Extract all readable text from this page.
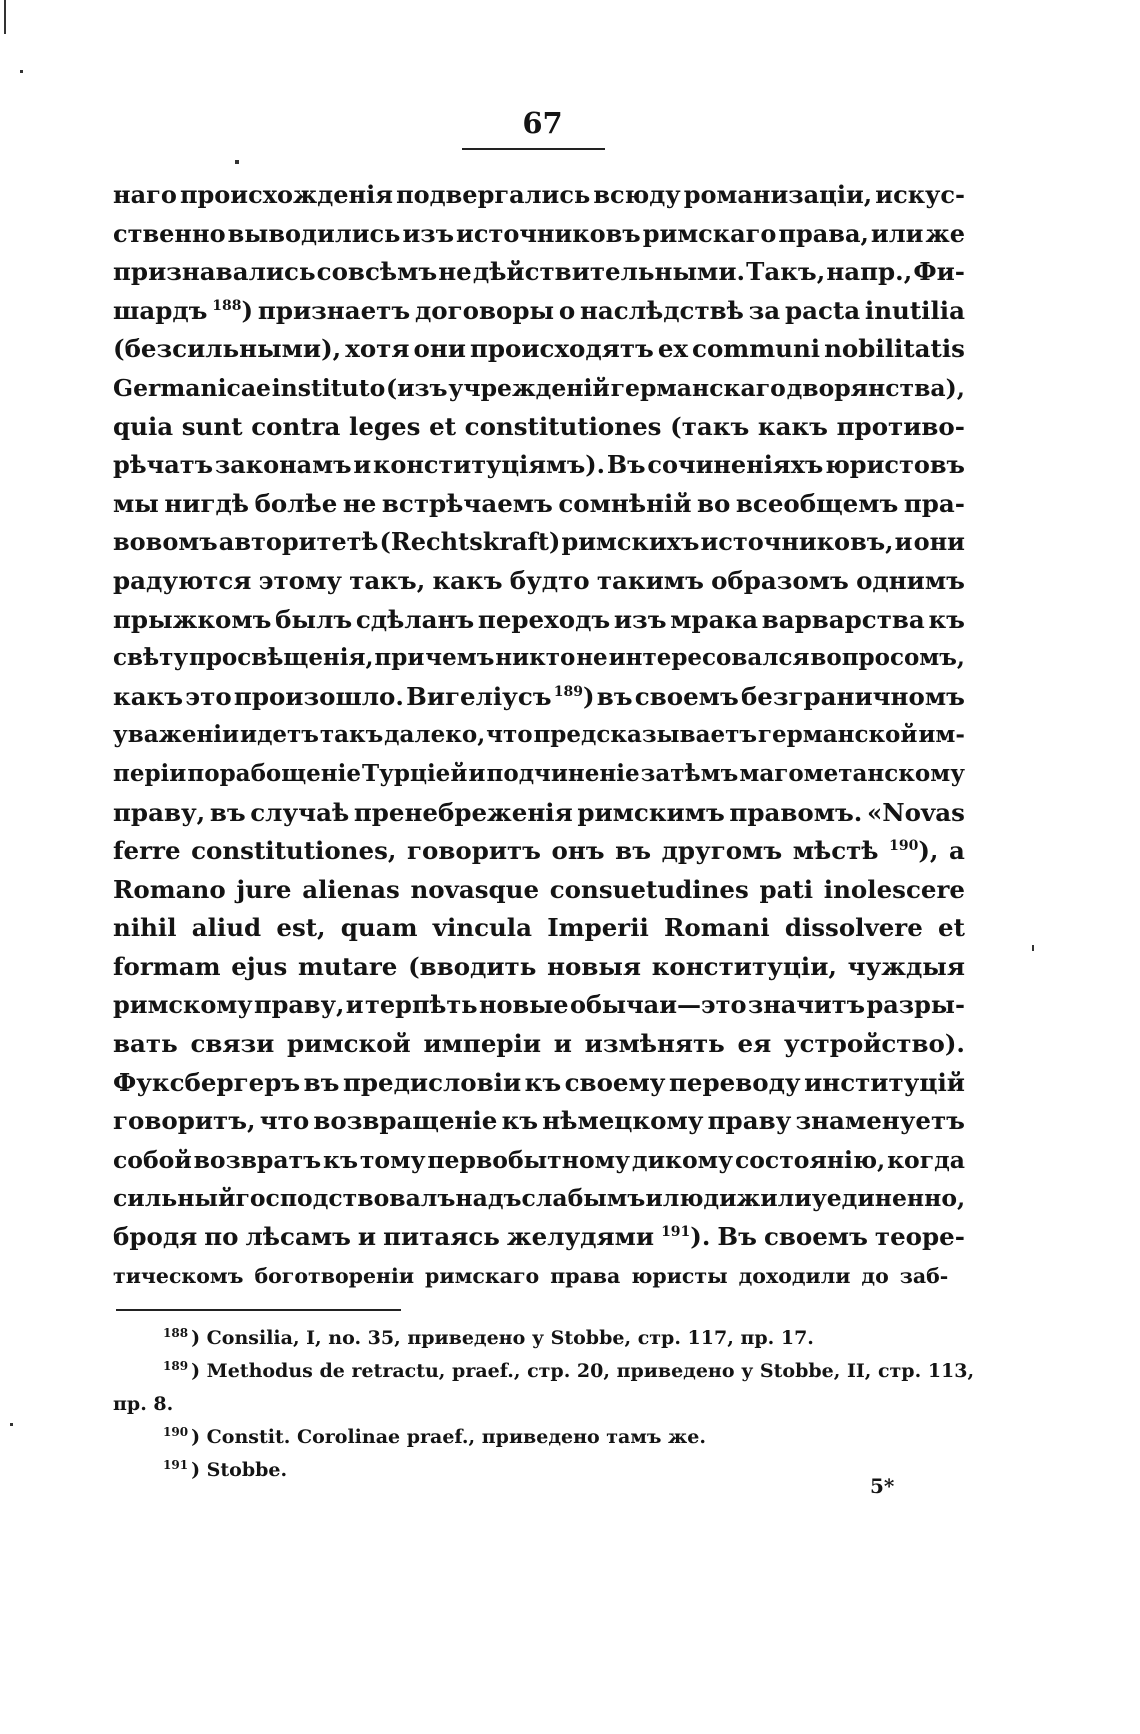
67
наго происхожденія подвергались всюду романизаціи, искус-
ственно выводились изъ источниковъ римскаго права, или же
признавались совсѣмъ не дѣйствительными. Такъ, напр., Фи-
шардъ $^{188}$) признаетъ договоры о наслѣдствѣ за pacta inutilia
(безсильными), хотя они происходятъ ex communi nobilitatis
Germanicae instituto (изъ учрежденій германскаго дворянства),
quia sunt contra leges et constitutiones (такъ какъ противо-
рѣчатъ законамъ и конституціямъ). Въ сочиненіяхъ юристовъ
мы нигдѣ болѣе не встрѣчаемъ сомнѣній во всеобщемъ пра-
вовомъ авторитетѣ (Rechtskraft) римскихъ источниковъ, и они
радуются этому такъ, какъ будто такимъ образомъ однимъ
прыжкомъ былъ сдѣланъ переходъ изъ мрака варварства къ
свѣту просвѣщенія, при чемъ никто не интересовался вопросомъ,
какъ это произошло. Вигеліусъ $^{189}$) въ своемъ безграничномъ
уваженіи идетъ такъ далеко, что предсказываетъ германской им-
періи порабощеніе Турціей и подчиненіе затѣмъ магометанскому
праву, въ случаѣ пренебреженія римскимъ правомъ. «Novas
ferre constitutiones, говоритъ онъ въ другомъ мѣстѣ $^{190}$), a
Romano jure alienas novasque consuetudines pati inolescere
nihil aliud est, quam vincula Imperii Romani dissolvere et
formam ejus mutare (вводить новыя конституціи, чуждыя
римскому праву, и терпѣть новые обычаи—это значитъ разры-
вать связи римской имперіи и измѣнять ея устройство).
Фуксбергеръ въ предисловіи къ своему переводу институцій
говоритъ, что возвращеніе къ нѣмецкому праву знаменуетъ
собой возвратъ къ тому первобытному дикому состоянію, когда
сильный господствовалъ надъ слабымъ и люди жили уединенно,
бродя по лѣсамъ и питаясь желудями $^{191}$). Въ своемъ теоре-
тическомъ боготвореніи римскаго права юристы доходили до заб-
$^{188}$ ) Consilia, I, no. 35, приведено у Stobbe, стр. 117, пр. 17.
$^{189}$ ) Methodus de retractu, praef., стр. 20, приведено у Stobbe, II, стр. 113,
пр. 8.
$^{190}$ ) Constit. Corolinae praef., приведено тамъ же.
$^{191}$ ) Stobbe.
5*
